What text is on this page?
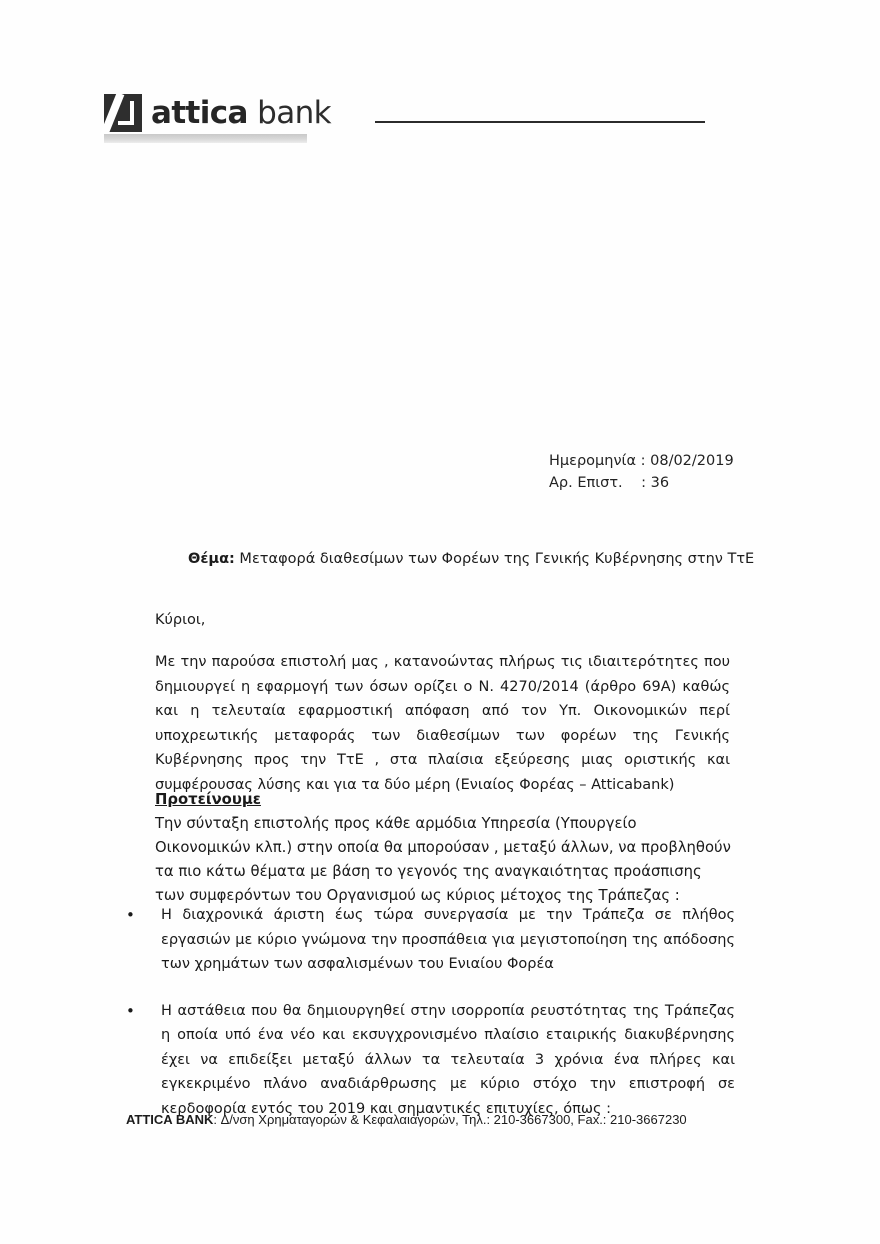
attica bank
Ημερομηνία : 08/02/2019
Αρ. Επιστ.    : 36
Θέμα: Μεταφορά διαθεσίμων των Φορέων της Γενικής Κυβέρνησης στην ΤτΕ
Κύριοι,
Με την παρούσα επιστολή μας , κατανοώντας πλήρως τις ιδιαιτερότητες που δημιουργεί η εφαρμογή των όσων ορίζει ο Ν. 4270/2014 (άρθρο 69Α) καθώς και η τελευταία εφαρμοστική απόφαση από τον Υπ. Οικονομικών περί υποχρεωτικής μεταφοράς των διαθεσίμων των φορέων της Γενικής Κυβέρνησης προς την ΤτΕ , στα πλαίσια εξεύρεσης μιας οριστικής και συμφέρουσας λύσης και για τα δύο μέρη (Ενιαίος Φορέας – Atticabank)
Προτείνουμε
Την σύνταξη επιστολής προς κάθε αρμόδια Υπηρεσία (Υπουργείο Οικονομικών κλπ.) στην οποία θα μπορούσαν , μεταξύ άλλων, να προβληθούν τα πιο κάτω θέματα με βάση το γεγονός της αναγκαιότητας προάσπισης των συμφερόντων του Οργανισμού ως κύριος μέτοχος της Τράπεζας :
•	Η διαχρονικά άριστη έως τώρα συνεργασία με την Τράπεζα σε πλήθος εργασιών με κύριο γνώμονα την προσπάθεια για μεγιστοποίηση της απόδοσης των χρημάτων των ασφαλισμένων του Ενιαίου Φορέα
•	Η αστάθεια που θα δημιουργηθεί στην ισορροπία ρευστότητας της Τράπεζας η οποία υπό ένα νέο και εκσυγχρονισμένο πλαίσιο εταιρικής διακυβέρνησης έχει να επιδείξει μεταξύ άλλων τα τελευταία 3 χρόνια ένα πλήρες και εγκεκριμένο πλάνο αναδιάρθρωσης με κύριο στόχο την επιστροφή σε κερδοφορία εντός του 2019 και σημαντικές επιτυχίες, όπως :
ATTICA BANK: Δ/νση Χρηματαγορών & Κεφαλαιαγορών, Τηλ.: 210-3667300, Fax.: 210-3667230
